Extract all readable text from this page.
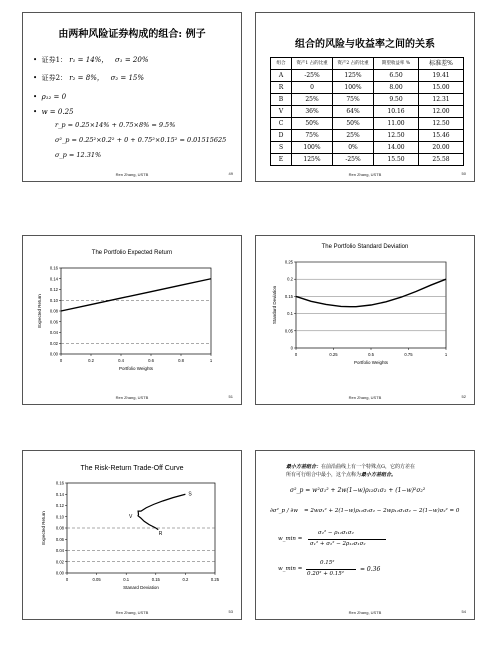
由两种风险证券构成的组合: 例子
• 证券1： r₁ = 14%， σ₁ = 20%
• 证券2： r₂ = 8%， σ₂ = 15%
• ρ₁₂ = 0
• w = 0.25
r_p = 0.25×14% + 0.75×8% = 9.5%
σ²_p = 0.25²×0.2² + 0 + 0.75²×0.15² = 0.01515625
σ_p = 12.31%
Ren Zhang, USTB	49
组合的风险与收益率之间的关系
组合	资产1 占的比重	资产2 占的比重	期望收益率 %	标准差%
A	-25%	125%	6.50	19.41
R	0	100%	8.00	15.00
B	25%	75%	9.50	12.31
V	36%	64%	10.16	12.00
C	50%	50%	11.00	12.50
D	75%	25%	12.50	15.46
S	100%	0%	14.00	20.00
E	125%	-25%	15.50	25.58
Ren Zhang, USTB	50
The Portfolio Expected Return
0.00
0.02
0.04
0.06
0.08
0.10
0.12
0.14
0.16
0	0.2	0.4	0.6	0.8	1
Portfolio Weights
Expected Return
Ren Zhang, USTB	51
The Portfolio Standard Deviation
0
0.05
0.1
0.15
0.2
0.25
0	0.25	0.5	0.75	1
Portfolio Weights
Standard Deviation
Ren Zhang, USTB	52
The Risk-Return Trade-Off Curve
0.00
0.02
0.04
0.06
0.08
0.10
0.12
0.14
0.16
0	0.05	0.1	0.15	0.2	0.25
Stanard Deviation
Expected Return
S
V
R
Ren Zhang, USTB	53
最小方差组合：在前沿曲线上有一个特殊点G，它的方差在
所有可行组合中最小，这个点称为最小方差组合。
σ²_p = w²σ₁² + 2w(1−w)ρ₁₂σ₁σ₂ + (1−w)²σ₂²
∂σ²_p / ∂w = 2wσ₁² + 2(1−w)ρ₁₂σ₁σ₂ − 2wρ₁₂σ₁σ₂ − 2(1−w)σ₂² = 0
w_min =
σ₂² − ρ₁₂σ₁σ₂
σ₁² + σ₂² − 2ρ₁₂σ₁σ₂
w_min =
0.15²
0.20² + 0.15²
= 0.36
Ren Zhang, USTB	54
